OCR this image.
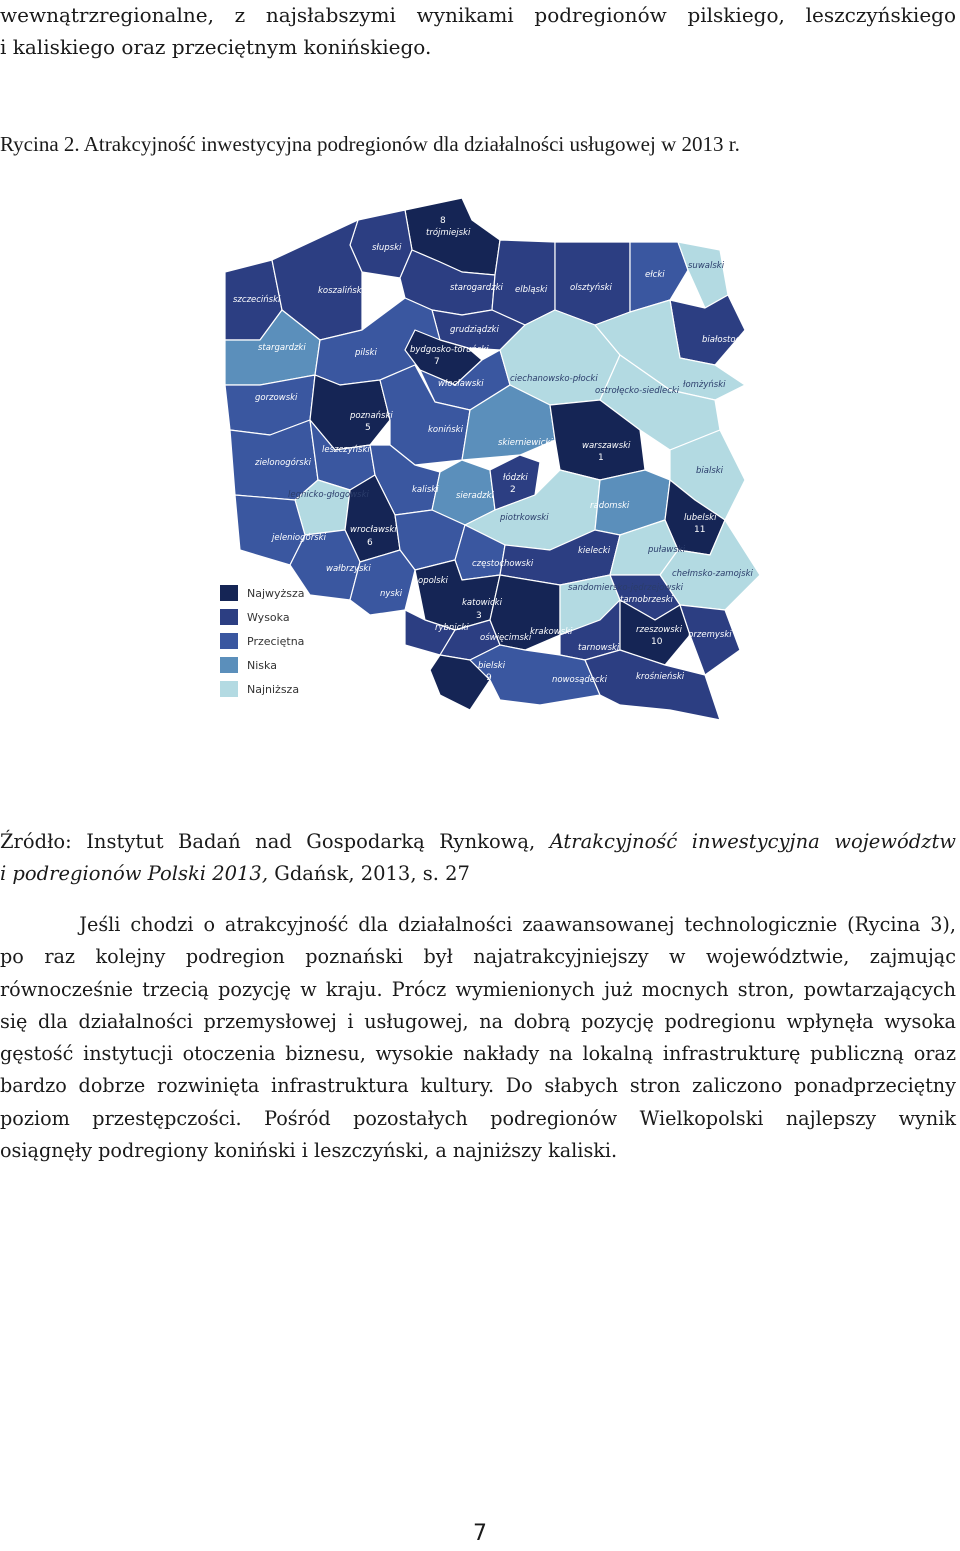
wewnątrzregionalne, z najsłabszymi wynikami podregionów pilskiego, leszczyńskiego
i kaliskiego oraz przeciętnym konińskiego.

Rycina 2. Atrakcyjność inwestycyjna podregionów dla działalności usługowej w 2013 r.

trójmiejski
8
słupski
starogardzki elbląski	olsztyński
ełcki
suwalski
szczeciński
koszaliński
grudziądzki
białostocki
stargardzki	pilski	bydgosko-toruński
7
włocławski	ciechanowsko-płocki
łomżyński
ostrołęcko-siedlecki
gorzowski
poznański
5	koniński
skierniewicki	warszawski
1
leszczyński
zielonogórski
łódzki
2
bialski
kaliski
sieradzki
legnicko-głogowski
radomski
lubelski
11
piotrkowski
jeleniogórski
wrocławski
6
kielecki	puławski
częstochowski
wałbrzyski	chełmsko-zamojski
opolski
nyski
katowicki
3
sandomiersko-jędrzejowski
tarnobrzeski
rybnicki
oświęcimski
krakowski
4
rzeszowski
10
przemyski
tarnowski
bielski
9	nowosądecki	krośnieński
Najwyższa
Wysoka
Przeciętna
Niska
Najniższa
Źródło: Instytut Badań nad Gospodarką Rynkową, Atrakcyjność inwestycyjna województw
i podregionów Polski 2013, Gdańsk, 2013, s. 27
Jeśli chodzi o atrakcyjność dla działalności zaawansowanej technologicznie (Rycina 3),
po raz kolejny podregion poznański był najatrakcyjniejszy w województwie, zajmując
równocześnie trzecią pozycję w kraju. Prócz wymienionych już mocnych stron, powtarzających
się dla działalności przemysłowej i usługowej, na dobrą pozycję podregionu wpłynęła wysoka
gęstość instytucji otoczenia biznesu, wysokie nakłady na lokalną infrastrukturę publiczną oraz
bardzo dobrze rozwinięta infrastruktura kultury. Do słabych stron zaliczono ponadprzeciętny
poziom przestępczości. Pośród pozostałych podregionów Wielkopolski najlepszy wynik
osiągnęły podregiony koniński i leszczyński, a najniższy kaliski.
7
